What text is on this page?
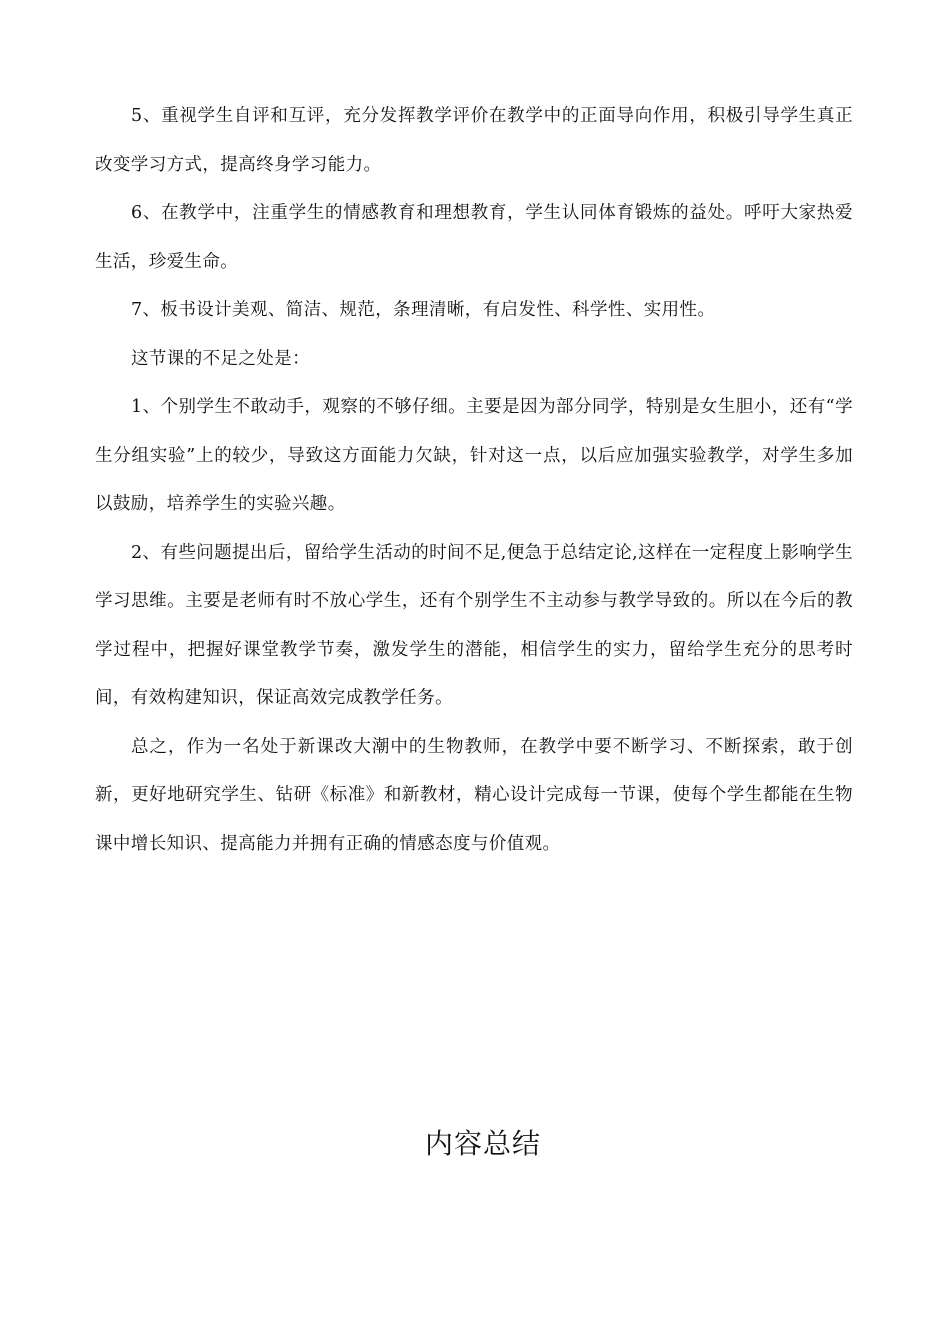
5、重视学生自评和互评，充分发挥教学评价在教学中的正面导向作用，积极引导学生真正改变学习方式，提高终身学习能力。

6、在教学中，注重学生的情感教育和理想教育，学生认同体育锻炼的益处。呼吁大家热爱生活，珍爱生命。

7、板书设计美观、简洁、规范，条理清晰，有启发性、科学性、实用性。

这节课的不足之处是：

1、个别学生不敢动手，观察的不够仔细。主要是因为部分同学，特别是女生胆小，还有“学生分组实验”上的较少，导致这方面能力欠缺，针对这一点，以后应加强实验教学，对学生多加以鼓励，培养学生的实验兴趣。

2、有些问题提出后，留给学生活动的时间不足,便急于总结定论,这样在一定程度上影响学生学习思维。主要是老师有时不放心学生，还有个别学生不主动参与教学导致的。所以在今后的教学过程中，把握好课堂教学节奏，激发学生的潜能，相信学生的实力，留给学生充分的思考时间，有效构建知识，保证高效完成教学任务。

总之，作为一名处于新课改大潮中的生物教师，在教学中要不断学习、不断探索，敢于创新，更好地研究学生、钻研《标准》和新教材，精心设计完成每一节课，使每个学生都能在生物课中增长知识、提高能力并拥有正确的情感态度与价值观。

内容总结
